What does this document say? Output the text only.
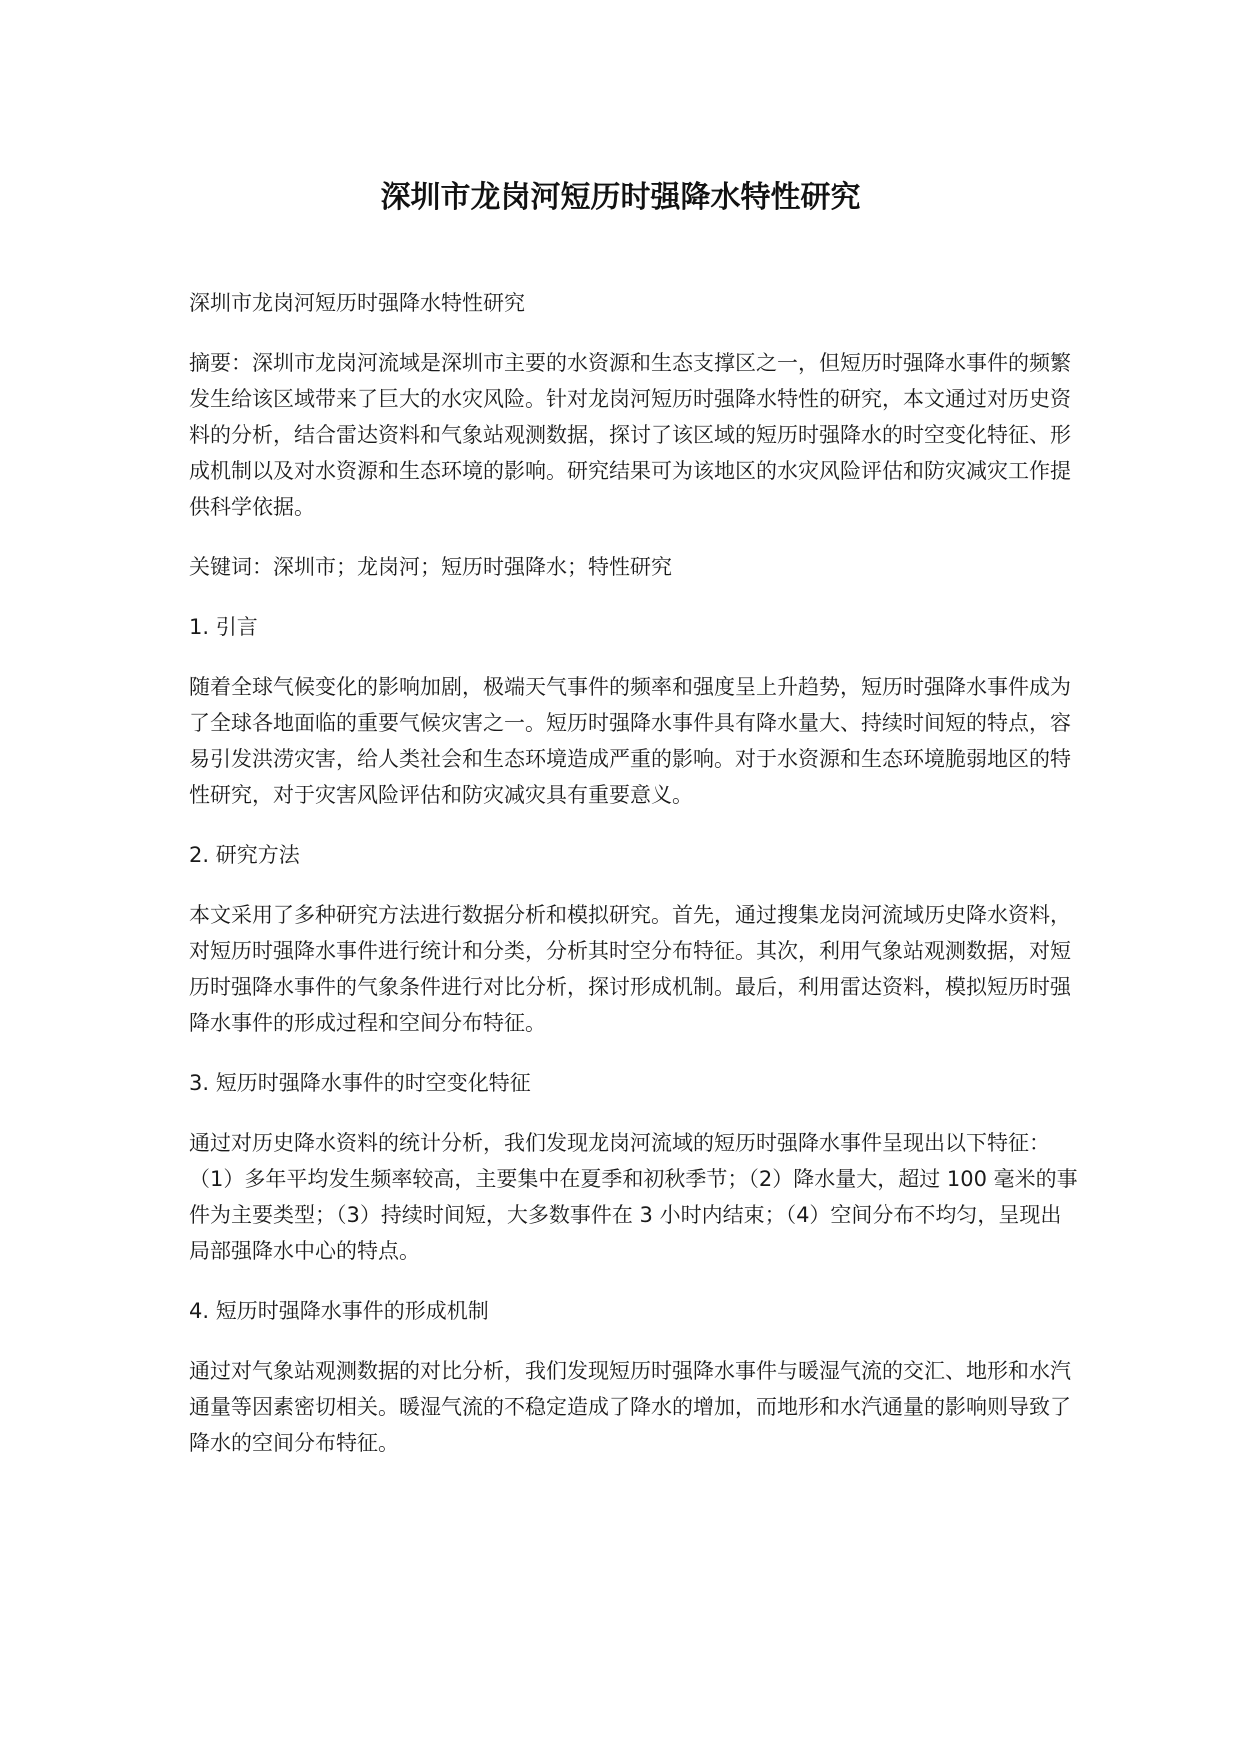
深圳市龙岗河短历时强降水特性研究

深圳市龙岗河短历时强降水特性研究

摘要：深圳市龙岗河流域是深圳市主要的水资源和生态支撑区之一，但短历时强降水事件的频繁发生给该区域带来了巨大的水灾风险。针对龙岗河短历时强降水特性的研究，本文通过对历史资料的分析，结合雷达资料和气象站观测数据，探讨了该区域的短历时强降水的时空变化特征、形成机制以及对水资源和生态环境的影响。研究结果可为该地区的水灾风险评估和防灾减灾工作提供科学依据。

关键词：深圳市；龙岗河；短历时强降水；特性研究

1. 引言

随着全球气候变化的影响加剧，极端天气事件的频率和强度呈上升趋势，短历时强降水事件成为了全球各地面临的重要气候灾害之一。短历时强降水事件具有降水量大、持续时间短的特点，容易引发洪涝灾害，给人类社会和生态环境造成严重的影响。对于水资源和生态环境脆弱地区的特性研究，对于灾害风险评估和防灾减灾具有重要意义。

2. 研究方法

本文采用了多种研究方法进行数据分析和模拟研究。首先，通过搜集龙岗河流域历史降水资料，对短历时强降水事件进行统计和分类，分析其时空分布特征。其次，利用气象站观测数据，对短历时强降水事件的气象条件进行对比分析，探讨形成机制。最后，利用雷达资料，模拟短历时强降水事件的形成过程和空间分布特征。

3. 短历时强降水事件的时空变化特征

通过对历史降水资料的统计分析，我们发现龙岗河流域的短历时强降水事件呈现出以下特征：（1）多年平均发生频率较高，主要集中在夏季和初秋季节；（2）降水量大，超过 100 毫米的事件为主要类型；（3）持续时间短，大多数事件在 3 小时内结束；（4）空间分布不均匀，呈现出局部强降水中心的特点。

4. 短历时强降水事件的形成机制

通过对气象站观测数据的对比分析，我们发现短历时强降水事件与暖湿气流的交汇、地形和水汽通量等因素密切相关。暖湿气流的不稳定造成了降水的增加，而地形和水汽通量的影响则导致了降水的空间分布特征。
